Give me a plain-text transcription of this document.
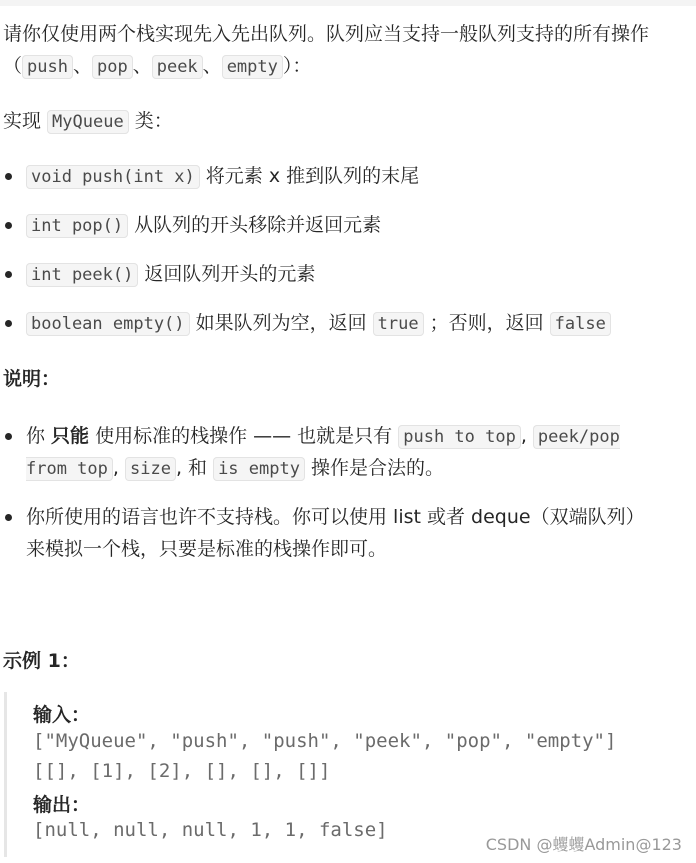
请你仅使用两个栈实现先入先出队列。队列应当支持一般队列支持的所有操作（ push 、 pop 、 peek 、 empty ）：
实现 MyQueue 类：
void push(int x) 将元素 x 推到队列的末尾
int pop() 从队列的开头移除并返回元素
int peek() 返回队列开头的元素
boolean empty() 如果队列为空，返回 true ；否则，返回 false
说明：
你 只能 使用标准的栈操作 —— 也就是只有 push to top , peek/pop from top , size , 和 is empty 操作是合法的。
你所使用的语言也许不支持栈。你可以使用 list 或者 deque（双端队列）来模拟一个栈，只要是标准的栈操作即可。
示例 1：
输入：
["MyQueue", "push", "push", "peek", "pop", "empty"]
[[], [1], [2], [], [], []]
输出：
[null, null, null, 1, 1, false]
CSDN @蠼蠼Admin@123
